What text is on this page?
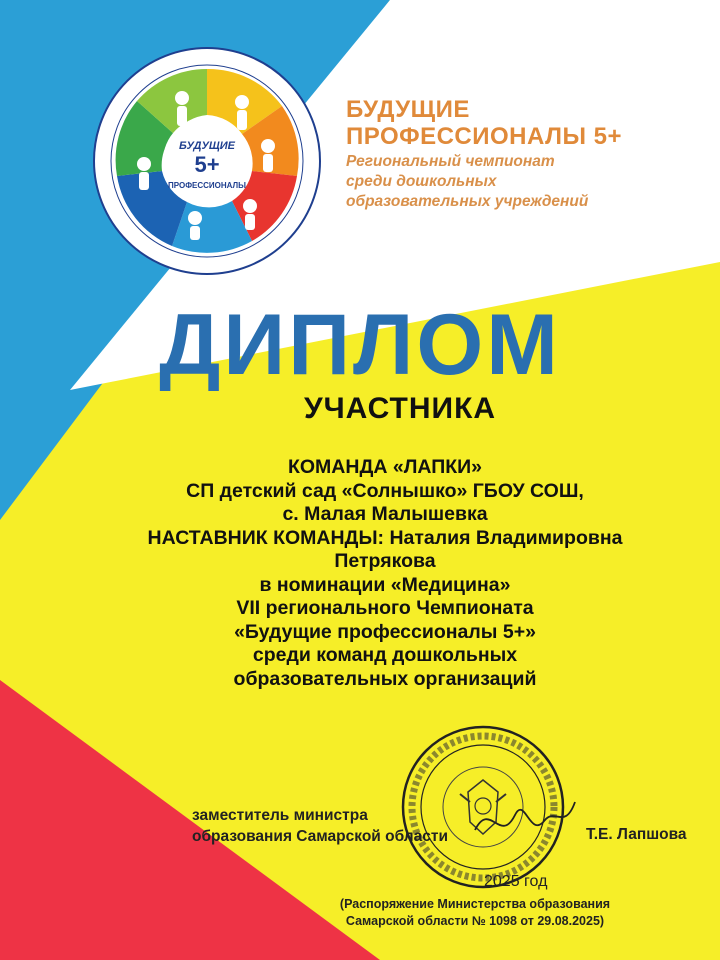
БУДУЩИЕ
5+
ПРОФЕССИОНАЛЫ
БУДУЩИЕ
ПРОФЕССИОНАЛЫ 5+
Региональный чемпионат
среди дошкольных
образовательных учреждений
ДИПЛОМ
УЧАСТНИКА
КОМАНДА «ЛАПКИ»
СП детский сад «Солнышко» ГБОУ СОШ,
с. Малая Малышевка
НАСТАВНИК КОМАНДЫ: Наталия Владимировна
Петрякова
в номинации «Медицина»
VII регионального Чемпионата
«Будущие профессионалы 5+»
среди команд дошкольных
образовательных организаций
заместитель министра
образования Самарской области	Т.Е. Лапшова
2025 год
(Распоряжение Министерства образования
Самарской области № 1098 от 29.08.2025)
